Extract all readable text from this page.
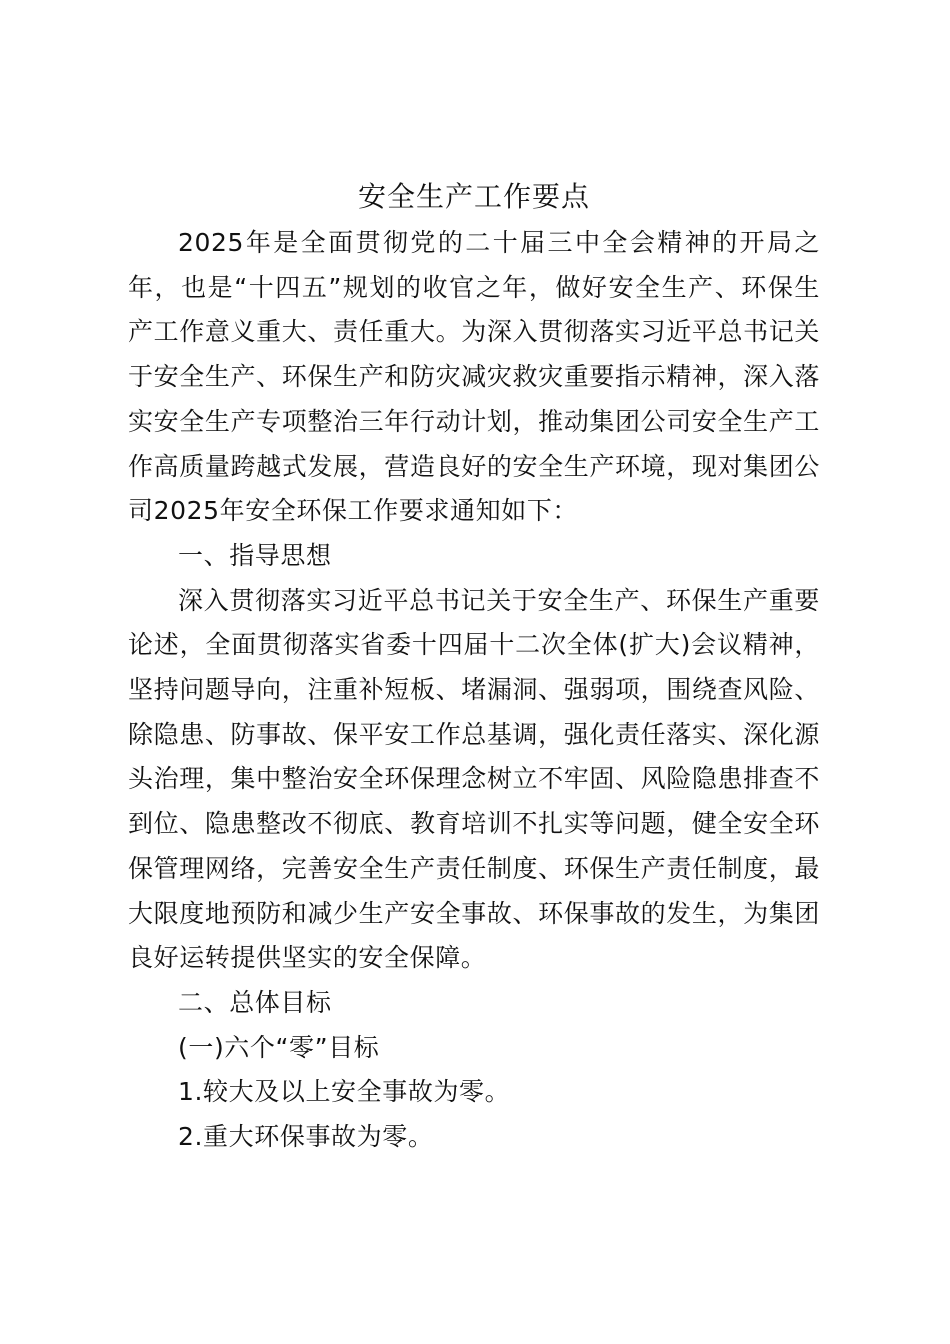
安全生产工作要点

2025年是全面贯彻党的二十届三中全会精神的开局之年，也是“十四五”规划的收官之年，做好安全生产、环保生产工作意义重大、责任重大。为深入贯彻落实习近平总书记关于安全生产、环保生产和防灾减灾救灾重要指示精神，深入落实安全生产专项整治三年行动计划，推动集团公司安全生产工作高质量跨越式发展，营造良好的安全生产环境，现对集团公司2025年安全环保工作要求通知如下：

一、指导思想

深入贯彻落实习近平总书记关于安全生产、环保生产重要论述，全面贯彻落实省委十四届十二次全体(扩大)会议精神，坚持问题导向，注重补短板、堵漏洞、强弱项，围绕查风险、除隐患、防事故、保平安工作总基调，强化责任落实、深化源头治理，集中整治安全环保理念树立不牢固、风险隐患排查不到位、隐患整改不彻底、教育培训不扎实等问题，健全安全环保管理网络，完善安全生产责任制度、环保生产责任制度，最大限度地预防和减少生产安全事故、环保事故的发生，为集团良好运转提供坚实的安全保障。

二、总体目标

(一)六个“零”目标

1.较大及以上安全事故为零。

2.重大环保事故为零。
